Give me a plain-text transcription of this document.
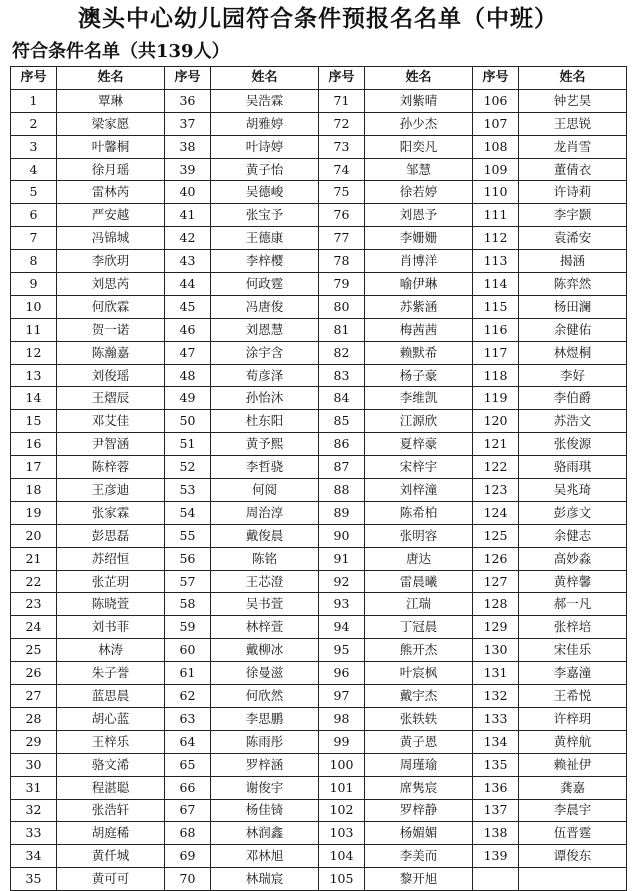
澳头中心幼儿园符合条件预报名名单（中班）
符合条件名单（共139人）
序号	姓名	序号	姓名	序号	姓名	序号	姓名
1	覃琳	36	吴浩霖	71	刘紫晴	106	钟艺昊
2	梁家愿	37	胡雅婷	72	孙少杰	107	王思锐
3	叶馨桐	38	叶诗婷	73	阳奕凡	108	龙肖雪
4	徐月瑶	39	黄子怡	74	邹慧	109	董倩衣
5	雷林芮	40	吴德峻	75	徐若婷	110	许诗莉
6	严安越	41	张宝予	76	刘恩予	111	李宇颢
7	冯锦城	42	王德康	77	李姗姗	112	袁浠安
8	李欣玥	43	李梓樱	78	肖博洋	113	揭涵
9	刘思芮	44	何政霆	79	喻伊琳	114	陈弈然
10	何欣霖	45	冯唐俊	80	苏紫涵	115	杨田澜
11	贺一诺	46	刘恩慧	81	梅茜茜	116	余健佑
12	陈瀚嘉	47	涂宇含	82	赖默希	117	林煜桐
13	刘俊瑶	48	荀彦泽	83	杨子豪	118	李好
14	王熠辰	49	孙怡沐	84	李维凯	119	李伯爵
15	邓艾佳	50	杜东阳	85	江源欣	120	苏浩文
16	尹智涵	51	黄予熙	86	夏梓豪	121	张俊源
17	陈梓蓉	52	李哲骁	87	宋梓宇	122	骆雨琪
18	王彦迪	53	何阅	88	刘梓潼	123	吴兆琦
19	张家霖	54	周治淳	89	陈希柏	124	彭彦文
20	彭思磊	55	戴俊晨	90	张明容	125	余健志
21	苏绍恒	56	陈铭	91	唐达	126	高妙淼
22	张芷玥	57	王芯澄	92	雷晨曦	127	黄梓馨
23	陈晓萱	58	吴书萱	93	江瑞	128	郝一凡
24	刘书菲	59	林梓萱	94	丁冠晨	129	张梓培
25	林涛	60	戴柳冰	95	熊开杰	130	宋佳乐
26	朱子誉	61	徐曼滋	96	叶宸枫	131	李嘉潼
27	蓝思晨	62	何欣然	97	戴宇杰	132	王希悦
28	胡心蓝	63	李思鹏	98	张轶轶	133	许梓玥
29	王梓乐	64	陈雨彤	99	黄子恩	134	黄梓航
30	骆文浠	65	罗梓涵	100	周瑾瑜	135	赖祉伊
31	程湛聪	66	谢俊宇	101	席隽宸	136	龚嘉
32	张浩轩	67	杨佳锜	102	罗梓静	137	李晨宇
33	胡庭稀	68	林润鑫	103	杨媚媚	138	伍晋霆
34	黄仟城	69	邓林旭	104	李美而	139	谭俊东
35	黄可可	70	林瑞宸	105	黎开旭		
